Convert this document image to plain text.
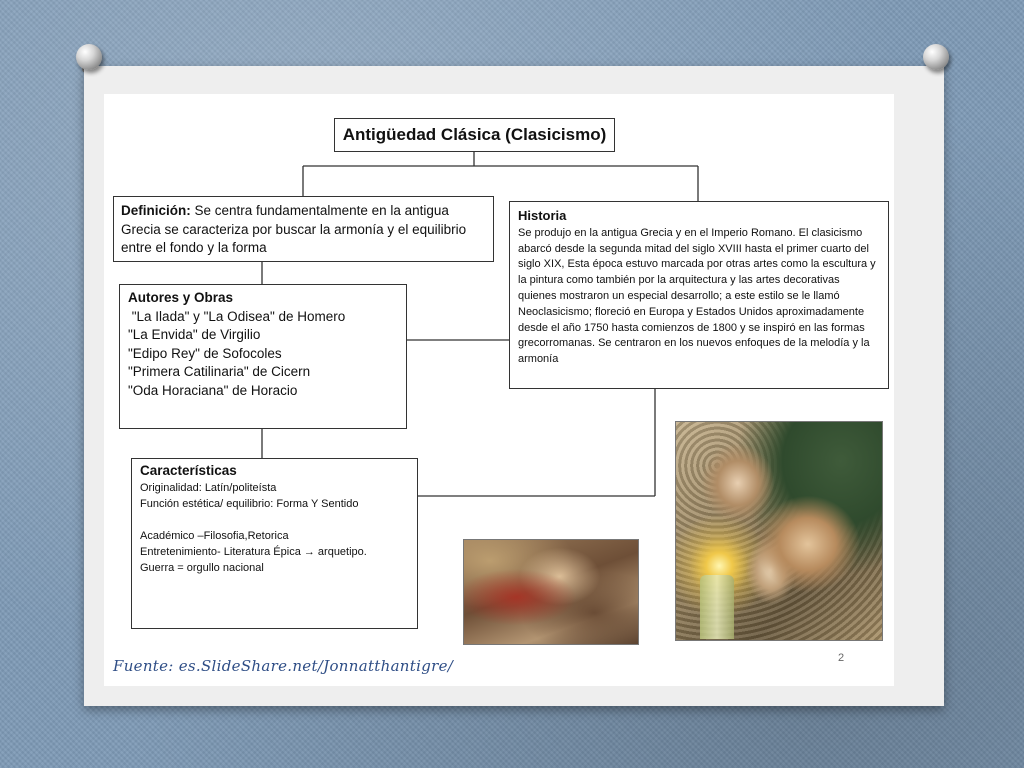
Antigüedad Clásica (Clasicismo)
Definición: Se centra fundamentalmente en la antigua Grecia se caracteriza por buscar la armonía y el equilibrio entre el fondo y la forma
Historia
Se produjo en la antigua Grecia y en el Imperio Romano. El clasicismo abarcó desde la segunda mitad del siglo XVIII hasta el primer cuarto del siglo XIX, Esta época estuvo marcada por otras artes como la escultura y la pintura como también por la arquitectura y las artes decorativas quienes mostraron un especial desarrollo; a este estilo se le llamó Neoclasicismo; floreció en Europa y Estados Unidos aproximadamente desde el año 1750 hasta comienzos de 1800 y se inspiró en las formas grecorromanas. Se centraron en los nuevos enfoques de la melodía y la armonía
Autores y Obras
"La Ilada" y "La Odisea" de Homero
"La Envida" de Virgilio
"Edipo Rey" de Sofocoles
"Primera Catilinaria" de Cicern
"Oda Horaciana" de Horacio
Características
Originalidad: Latín/politeísta
Función estética/ equilibrio: Forma Y Sentido
Académico –Filosofia,Retorica
Entretenimiento- Literatura Épica → arquetipo.
Guerra = orgullo nacional
Fuente: es.SlideShare.net/Jonnatthantigre/	2
